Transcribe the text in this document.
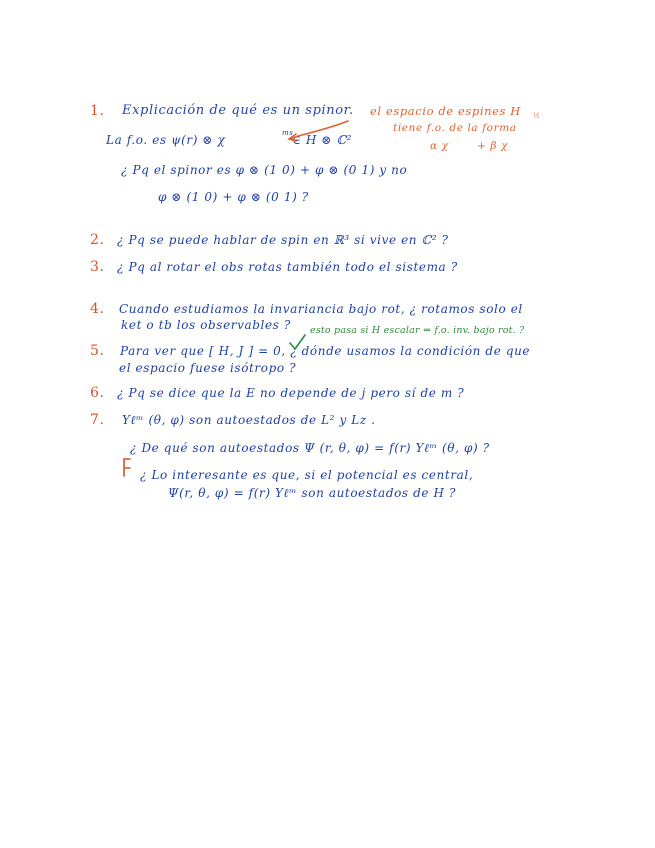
1. Explicación de qué es un spinor. el espacio de espines H ½
tiene f.o. de la forma
α χ	+ β χ
La f.o. es ψ(r) ⊗ χ	ms
∈ H ⊗ ℂ²
¿ Pq el spinor es φ ⊗ (1 0) + φ ⊗ (0 1) y no
φ ⊗ (1 0) + φ ⊗ (0 1) ?
2. ¿ Pq se puede hablar de spin en ℝ³ si vive en ℂ² ?
3. ¿ Pq al rotar el obs rotas también todo el sistema ?
4. Cuando estudiamos la invariancia bajo rot, ¿ rotamos solo el
ket o tb los observables ? esto pasa si H escalar ⇔ f.o. inv. bajo rot. ?
5. Para ver que [ H, J ] = 0, ¿ dónde usamos la condición de que
el espacio fuese isótropo ?
6. ¿ Pq se dice que la E no depende de j pero sí de m ?
7. Yℓᵐ (θ, φ) son autoestados de L² y Lz .
¿ De qué son autoestados Ψ (r, θ, φ) = f(r) Yℓᵐ (θ, φ) ?
¿ Lo interesante es que, si el potencial es central,
Ψ(r, θ, φ) = f(r) Yℓᵐ son autoestados de H ?
